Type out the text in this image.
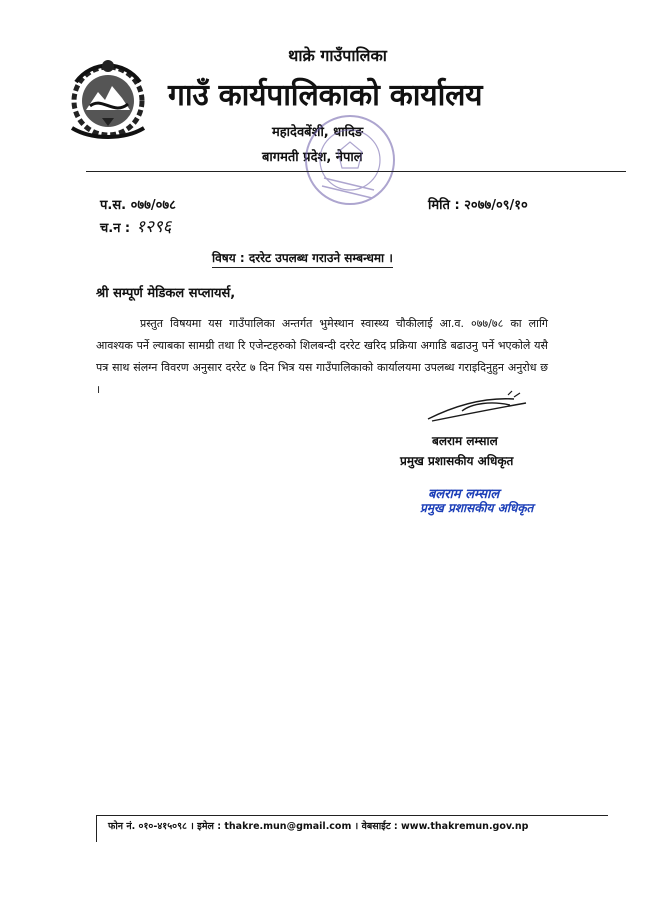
थाक्रे गाउँपालिका
गाउँ कार्यपालिकाको कार्यालय
महादेवबेंशी, धादिङ
बागमती प्रदेश, नेपाल
प.स. ०७७/०७८	मिति : २०७७/०९/१०
च.न : १२९६
विषय : दररेट उपलब्ध गराउने सम्बन्धमा ।
श्री सम्पूर्ण मेडिकल सप्लायर्स,
प्रस्तुत विषयमा यस गाउँपालिका अन्तर्गत भुमेस्थान स्वास्थ्य चौकीलाई आ.व. ०७७/७८ का लागि आवश्यक पर्ने ल्याबका सामग्री तथा रि एजेन्टहरुको शिलबन्दी दररेट खरिद प्रक्रिया अगाडि बढाउनु पर्ने भएकोले यसै पत्र साथ संलग्न विवरण अनुसार दररेट ७ दिन भित्र यस गाउँपालिकाको कार्यालयमा उपलब्ध गराइदिनुहुन अनुरोध छ ।
बलराम लम्साल
प्रमुख प्रशासकीय अधिकृत
बलराम लम्साल
प्रमुख प्रशासकीय अधिकृत
फोन नं. ०१०-४१५०९८ । इमेल : thakre.mun@gmail.com । वेबसाईट : www.thakremun.gov.np
